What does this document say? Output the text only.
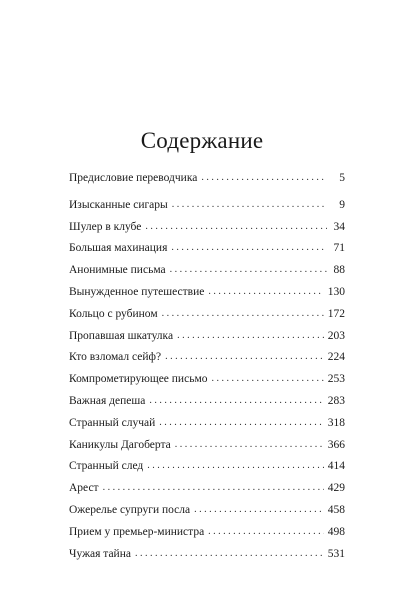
Содержание
Предисловие переводчика . . .	5
Изысканные сигары . . .	9
Шулер в клубе . . .	34
Большая махинация . . .	71
Анонимные письма . . .	88
Вынужденное путешествие . . .	130
Кольцо с рубином . . .	172
Пропавшая шкатулка . . .	203
Кто взломал сейф? . . .	224
Компрометирующее письмо . . .	253
Важная депеша . . .	283
Странный случай . . .	318
Каникулы Дагоберта . . .	366
Странный след . . .	414
Арест . . .	429
Ожерелье супруги посла . . .	458
Прием у премьер-министра . . .	498
Чужая тайна . . .	531
